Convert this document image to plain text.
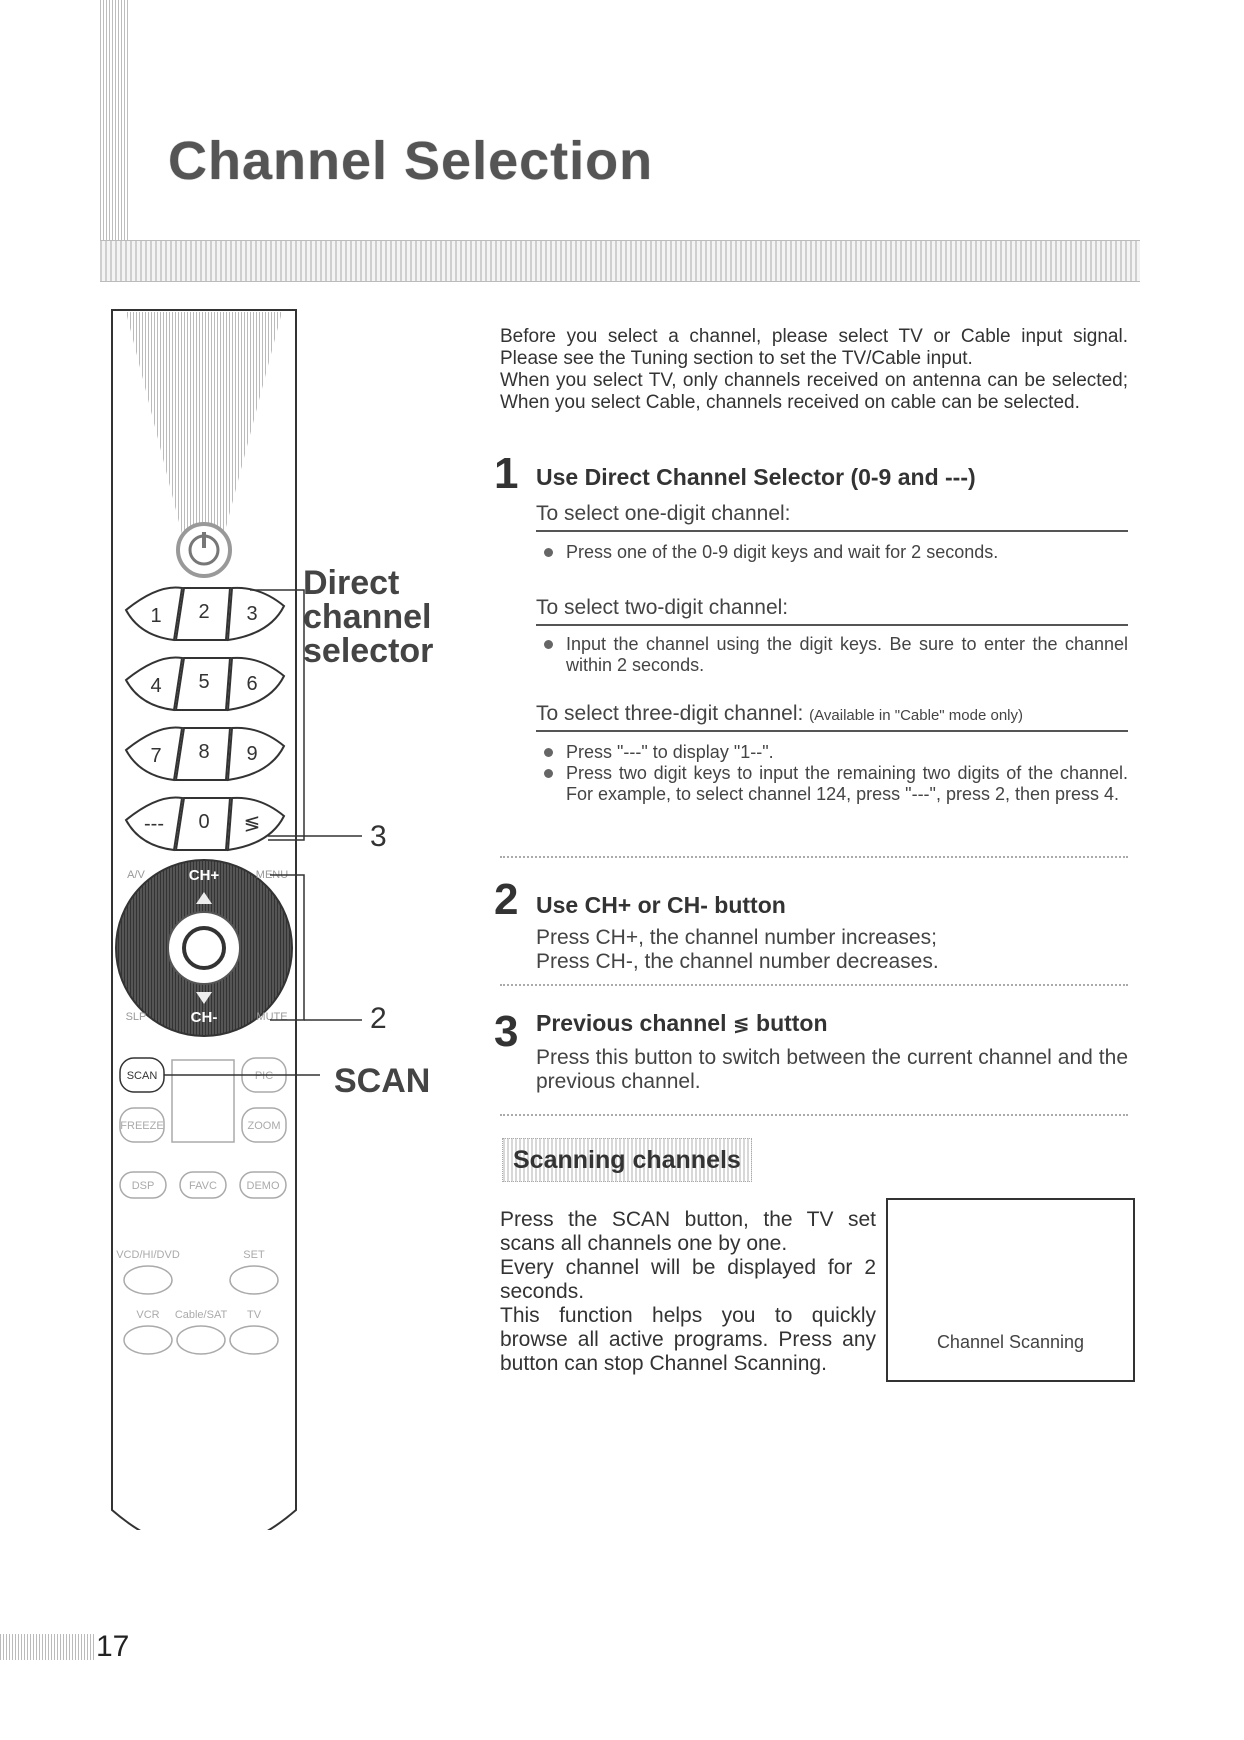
Channel Selection
1 2 3
4 5 6
7 8 9
--- 0 ≶
CH+
CH-
A/V	MENU
SLP	MUTE
SCAN	PIC
FREEZE	ZOOM
DSP	FAVC	DEMO
VCD/HI/DVD	SET
VCR Cable/SAT TV
Direct channel selector
3
2
SCAN

Before you select a channel, please select TV or Cable input signal. Please see the Tuning section to set the TV/Cable input.

When you select TV, only channels received on antenna can be selected; When you select Cable, channels received on cable can be selected.

1 Use Direct Channel Selector (0-9 and ---)
To select one-digit channel:
Press one of the 0-9 digit keys and wait for 2 seconds.
To select two-digit channel:
Input the channel using the digit keys. Be sure to enter the channel within 2 seconds.
To select three-digit channel: (Available in "Cable" mode only)
Press "---" to display "1--".
Press two digit keys to input the remaining two digits of the channel. For example, to select channel 124, press "---", press 2, then press 4.
2 Use CH+ or CH- button
Press CH+, the channel number increases;
Press CH-, the channel number decreases.
3 Previous channel ≶ button
Press this button to switch between the current channel and the previous channel.
Scanning channels

Press the SCAN button, the TV set scans all channels one by one.

Every channel will be displayed for 2 seconds.

This function helps you to quickly browse all active programs. Press any button can stop Channel Scanning.

Channel Scanning
17
